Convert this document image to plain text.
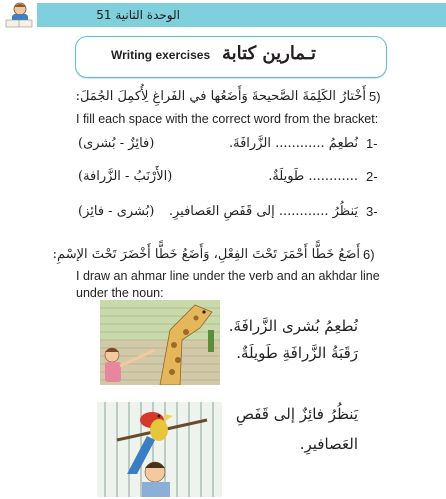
الوحدة الثانية 51
Writing exercises تـمارين كتابة
أَخْتارُ الكَلِمَةَ الصَّحيحةَ وَأَضَعُها في الفَراغِ لِأُكمِلَ الجُمَلَ: 5)
I fill each space with the correct word from the bracket:
1-
نُطعِمُ ............ الزَّرافَةَ.
(فائِزٌ - بُشرى)
2-
............ طَويلَةٌ.
(الأَرْنَبُ - الزَّرافة)
3-
يَنظُرُ ............ إلى قَفَصِ العَصافيرِ.
(بُشرى - فائِز)
6)
أَضَعُ خَطًّا أَحْمَرَ تَحْتَ الفِعْلِ، وَأَضَعُ خَطًّا أَخْضَرَ تَحْتَ الإسْمِ:
I draw an ahmar line under the verb and an akhdar line
under the noun:
نُطعِمُ بُشرى الزَّرافَةَ.
رَقَبَةُ الزَّرافَةِ طَويلَةٌ.
يَنظُرُ فائِزٌ إلى قَفَصِ
العَصافيرِ.
